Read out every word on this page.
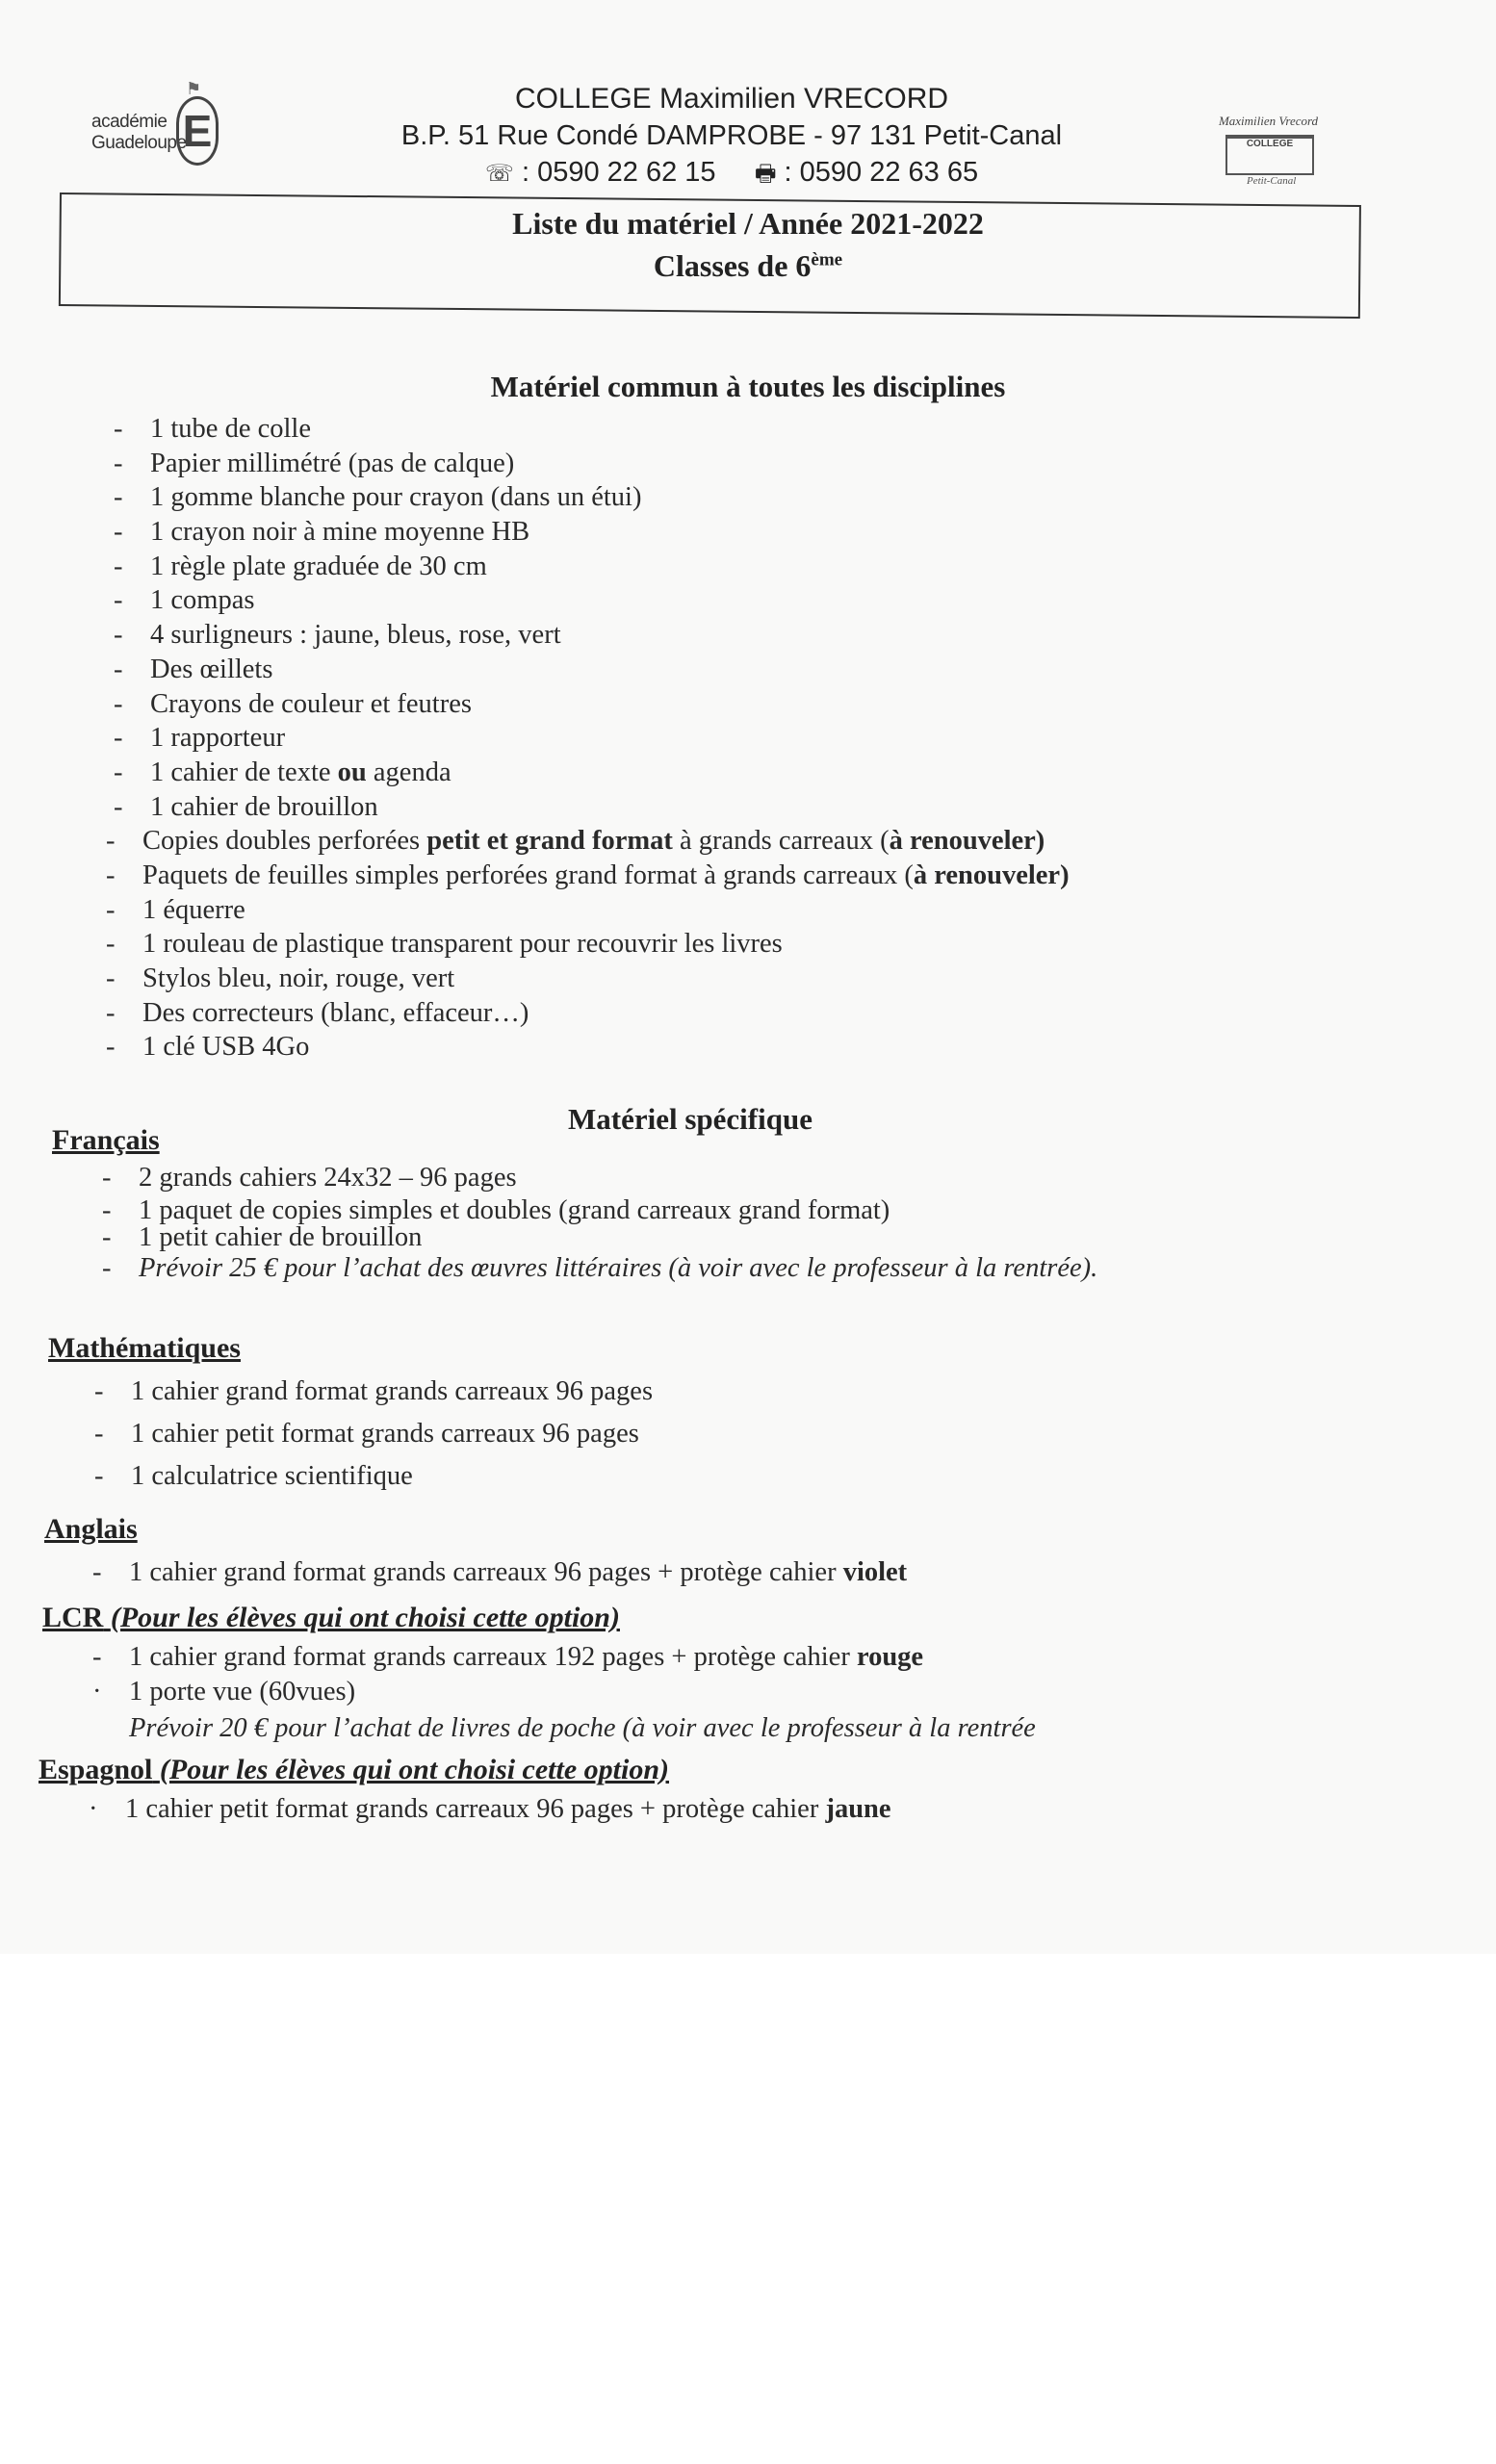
⚑
académie
Guadeloupe
E
COLLEGE Maximilien VRECORD
B.P. 51 Rue Condé DAMPROBE - 97 131 Petit-Canal
☏ : 0590 22 62 15 🖶 : 0590 22 63 65
Maximilien Vrecord
COLLEGE
Petit-Canal
Liste du matériel / Année 2021-2022
Classes de 6ème
Matériel commun à toutes les disciplines
- 1 tube de colle
- Papier millimétré (pas de calque)
- 1 gomme blanche pour crayon (dans un étui)
- 1 crayon noir à mine moyenne HB
- 1 règle plate graduée de 30 cm
- 1 compas
- 4 surligneurs : jaune, bleus, rose, vert
- Des œillets
- Crayons de couleur et feutres
- 1 rapporteur
- 1 cahier de texte ou agenda
- 1 cahier de brouillon
- Copies doubles perforées petit et grand format à grands carreaux (à renouveler)
- Paquets de feuilles simples perforées grand format à grands carreaux (à renouveler)
- 1 équerre
- 1 rouleau de plastique transparent pour recouvrir les livres
- Stylos bleu, noir, rouge, vert
- Des correcteurs (blanc, effaceur…)
- 1 clé USB 4Go
Matériel spécifique
Français
- 2 grands cahiers 24x32 – 96 pages
- 1 paquet de copies simples et doubles (grand carreaux grand format)
- 1 petit cahier de brouillon
- Prévoir 25 € pour l’achat des œuvres littéraires (à voir avec le professeur à la rentrée).
Mathématiques
- 1 cahier grand format grands carreaux 96 pages
- 1 cahier petit format grands carreaux 96 pages
- 1 calculatrice scientifique
Anglais
- 1 cahier grand format grands carreaux 96 pages + protège cahier violet
LCR (Pour les élèves qui ont choisi cette option)
- 1 cahier grand format grands carreaux 192 pages + protège cahier rouge
· 1 porte vue (60vues)
Prévoir 20 € pour l’achat de livres de poche (à voir avec le professeur à la rentrée
Espagnol (Pour les élèves qui ont choisi cette option)
· 1 cahier petit format grands carreaux 96 pages + protège cahier jaune
